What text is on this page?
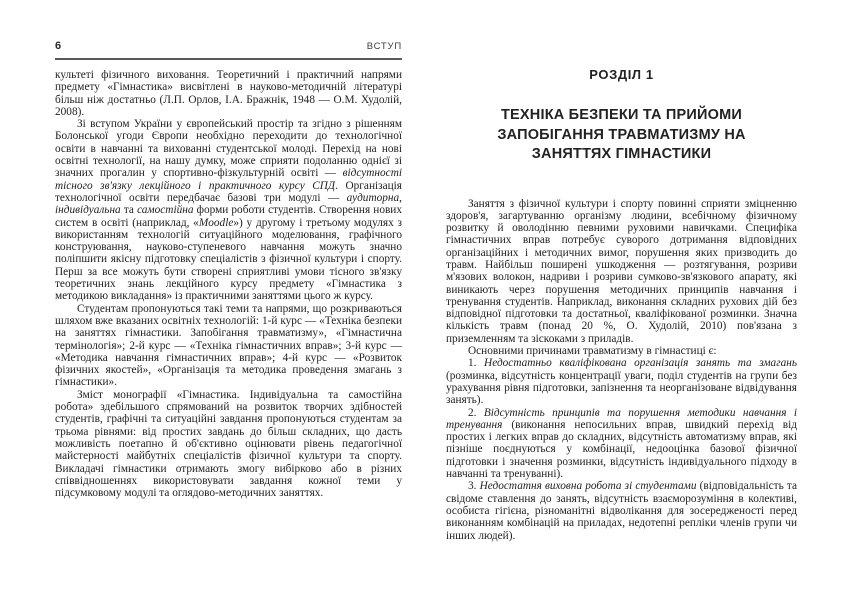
6	ВСТУП

культеті фізичного виховання. Теоретичний і практичний напрями предмету «Гімнастика» висвітлені в науково-методичній літературі більш ніж достатньо (Л.П. Орлов, І.А. Бражнік, 1948 — О.М. Худолій, 2008).

Зі вступом України у європейський простір та згідно з рішенням Болонської угоди Європи необхідно переходити до технологічної освіти в навчанні та вихованні студентської молоді. Перехід на нові освітні технології, на нашу думку, може сприяти подоланню однієї зі значних прогалин у спортивно-фізкультурній освіті — відсутності тісного зв'язку лекційного і практичного курсу СПД. Організація технологічної освіти передбачає базові три модулі — аудиторна, індивідуальна та самостійна форми роботи студентів. Створення нових систем в освіті (наприклад, «Moodle») у другому і третьому модулях з використанням технологій ситуаційного моделювання, графічного конструювання, науково-ступеневого навчання можуть значно поліпшити якісну підготовку спеціалістів з фізичної культури і спорту. Перш за все можуть бути створені сприятливі умови тісного зв'язку теоретичних знань лекційного курсу предмету «Гімнастика з методикою викладання» із практичними заняттями цього ж курсу.

Студентам пропонуються такі теми та напрями, що розкриваються шляхом вже вказаних освітніх технологій: 1-й курс — «Техніка безпеки на заняттях гімнастики. Запобігання травматизму», «Гімнастична термінологія»; 2-й курс — «Техніка гімнастичних вправ»; 3-й курс — «Методика навчання гімнастичних вправ»; 4-й курс — «Розвиток фізичних якостей», «Організація та методика проведення змагань з гімнастики».

Зміст монографії «Гімнастика. Індивідуальна та самостійна робота» здебільшого спрямований на розвиток творчих здібностей студентів, графічні та ситуаційні завдання пропонуються студентам за трьома рівнями: від простих завдань до більш складних, що дасть можливість поетапно й об'єктивно оцінювати рівень педагогічної майстерності майбутніх спеціалістів фізичної культури та спорту. Викладачі гімнастики отримають змогу вибірково або в різних співвідношеннях використовувати завдання кожної теми у підсумковому модулі та оглядово-методичних заняттях.

РОЗДІЛ 1
ТЕХНІКА БЕЗПЕКИ ТА ПРИЙОМИ ЗАПОБІГАННЯ ТРАВМАТИЗМУ НА ЗАНЯТТЯХ ГІМНАСТИКИ

Заняття з фізичної культури і спорту повинні сприяти зміцненню здоров'я, загартуванню організму людини, всебічному фізичному розвитку й оволодінню певними руховими навичками. Специфіка гімнастичних вправ потребує суворого дотримання відповідних організаційних і методичних вимог, порушення яких призводить до травм. Найбільш поширені ушкодження — розтягування, розриви м'язових волокон, надриви і розриви сумково-зв'язкового апарату, які виникають через порушення методичних принципів навчання і тренування студентів. Наприклад, виконання складних рухових дій без відповідної підготовки та достатньої, кваліфікованої розминки. Значна кількість травм (понад 20 %, О. Худолій, 2010) пов'язана з приземленням та зіскоками з приладів.

Основними причинами травматизму в гімнастиці є:

1. Недостатньо кваліфікована організація занять та змагань (розминка, відсутність концентрації уваги, поділ студентів на групи без урахування рівня підготовки, запізнення та неорганізоване відвідування занять).

2. Відсутність принципів та порушення методики навчання і тренування (виконання непосильних вправ, швидкий перехід від простих і легких вправ до складних, відсутність автоматизму вправ, які пізніше поєднуються у комбінації, недооцінка базової фізичної підготовки і значення розминки, відсутність індивідуального підходу в навчанні та тренуванні).

3. Недостатня виховна робота зі студентами (відповідальність та свідоме ставлення до занять, відсутність взаєморозуміння в колективі, особиста гігієна, різноманітні відволікання для зосередженості перед виконанням комбінацій на приладах, недотепні репліки членів групи чи інших людей).
